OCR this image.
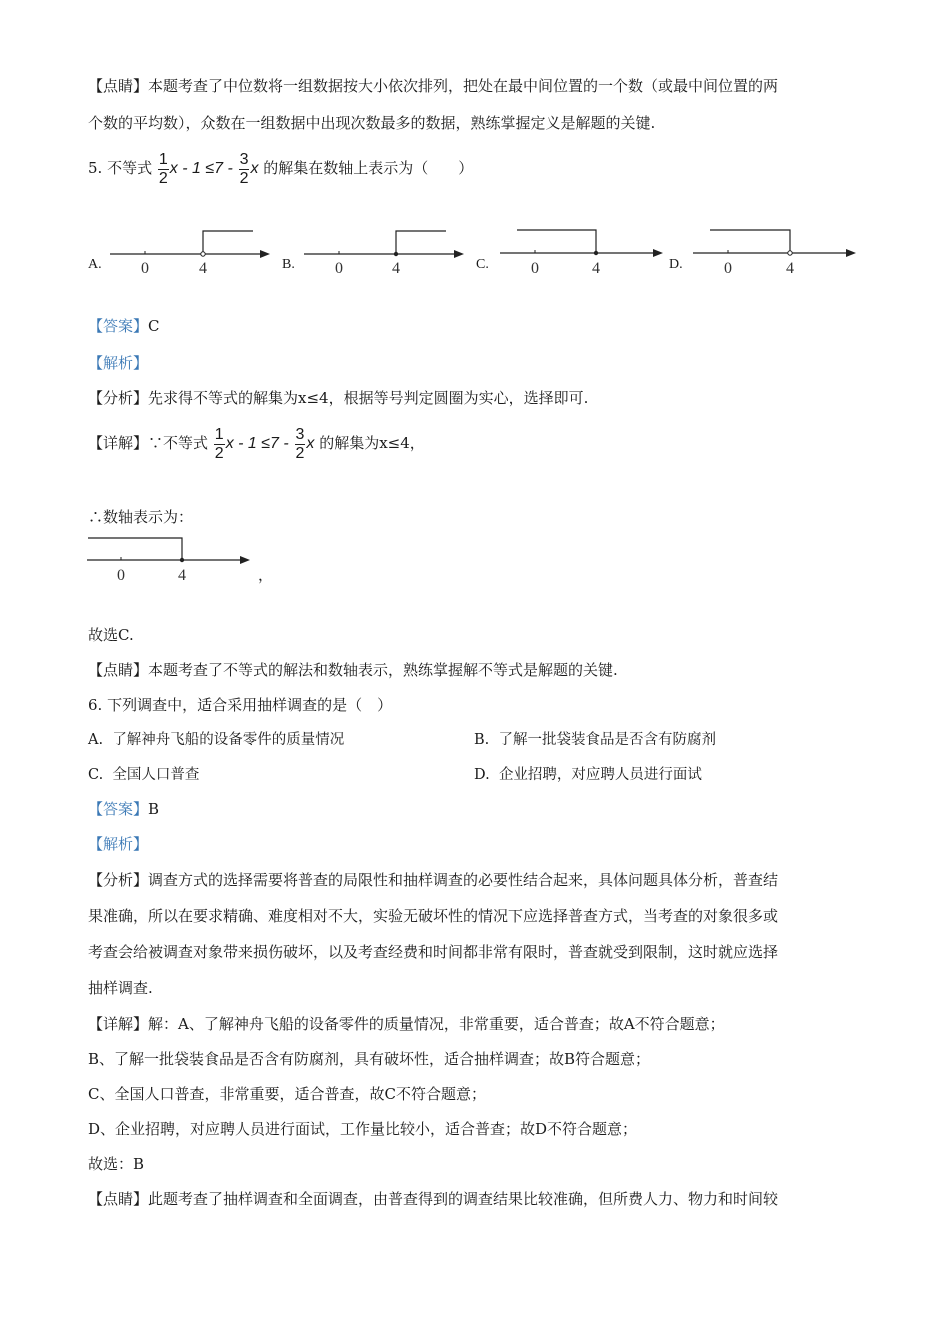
【点睛】本题考查了中位数将一组数据按大小依次排列，把处在最中间位置的一个数（或最中间位置的两
个数的平均数），众数在一组数据中出现次数最多的数据，熟练掌握定义是解题的关键.
5. 不等式 $\frac{1}{2}$ $x - 1 \le 7 - \frac{3}{2}$ x 的解集在数轴上表示为（　　）
A. 0	4	B.	0	4	C.	0	4	D.	0	4
【答案】C
【解析】
【分析】先求得不等式的解集为x≤4，根据等号判定圆圈为实心，选择即可.
【详解】∵不等式 $\frac{1}{2}$ $x - 1 \le 7 - \frac{3}{2}$ x 的解集为x≤4，
∴数轴表示为：
0	4	，
故选C.
【点睛】本题考查了不等式的解法和数轴表示，熟练掌握解不等式是解题的关键.
6. 下列调查中，适合采用抽样调查的是（　）
A. 了解神舟飞船的设备零件的质量情况	B. 了解一批袋装食品是否含有防腐剂
C. 全国人口普查	D. 企业招聘，对应聘人员进行面试
【答案】B
【解析】
【分析】调查方式的选择需要将普查的局限性和抽样调查的必要性结合起来，具体问题具体分析，普查结
果准确，所以在要求精确、难度相对不大，实验无破坏性的情况下应选择普查方式，当考查的对象很多或
考查会给被调查对象带来损伤破坏，以及考查经费和时间都非常有限时，普查就受到限制，这时就应选择
抽样调查.
【详解】解：A、了解神舟飞船的设备零件的质量情况，非常重要，适合普查；故A不符合题意；
B、了解一批袋装食品是否含有防腐剂，具有破坏性，适合抽样调查；故B符合题意；
C、全国人口普查，非常重要，适合普查，故C不符合题意；
D、企业招聘，对应聘人员进行面试，工作量比较小，适合普查；故D不符合题意；
故选：B
【点睛】此题考查了抽样调查和全面调查，由普查得到的调查结果比较准确，但所费人力、物力和时间较
